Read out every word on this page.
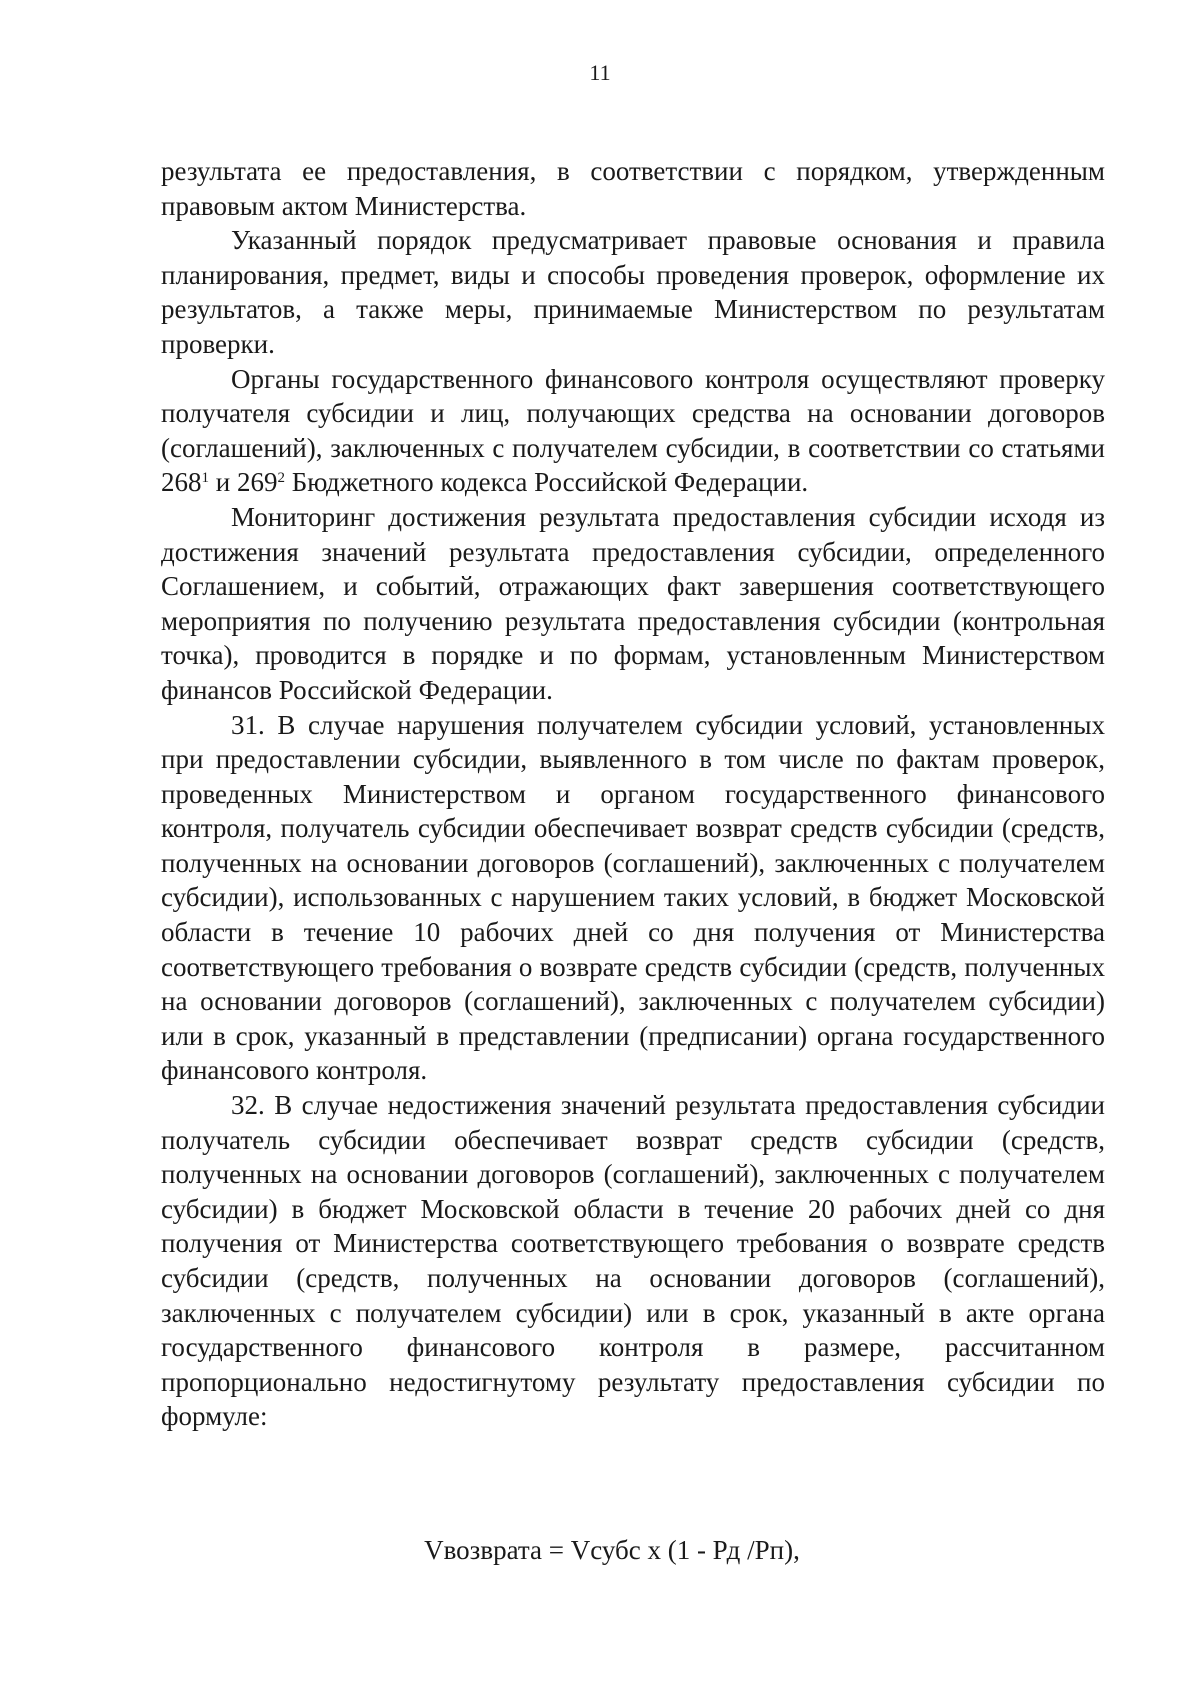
11

результата ее предоставления, в соответствии с порядком, утвержденным правовым актом Министерства.

Указанный порядок предусматривает правовые основания и правила планирования, предмет, виды и способы проведения проверок, оформление их результатов, а также меры, принимаемые Министерством по результатам проверки.

Органы государственного финансового контроля осуществляют проверку получателя субсидии и лиц, получающих средства на основании договоров (соглашений), заключенных с получателем субсидии, в соответствии со статьями $268^1$ и $269^2$ Бюджетного кодекса Российской Федерации.

Мониторинг достижения результата предоставления субсидии исходя из достижения значений результата предоставления субсидии, определенного Соглашением, и событий, отражающих факт завершения соответствующего мероприятия по получению результата предоставления субсидии (контрольная точка), проводится в порядке и по формам, установленным Министерством финансов Российской Федерации.

31. В случае нарушения получателем субсидии условий, установленных при предоставлении субсидии, выявленного в том числе по фактам проверок, проведенных Министерством и органом государственного финансового контроля, получатель субсидии обеспечивает возврат средств субсидии (средств, полученных на основании договоров (соглашений), заключенных с получателем субсидии), использованных с нарушением таких условий, в бюджет Московской области в течение 10 рабочих дней со дня получения от Министерства соответствующего требования о возврате средств субсидии (средств, полученных на основании договоров (соглашений), заключенных с получателем субсидии) или в срок, указанный в представлении (предписании) органа государственного финансового контроля.

32. В случае недостижения значений результата предоставления субсидии получатель субсидии обеспечивает возврат средств субсидии (средств, полученных на основании договоров (соглашений), заключенных с получателем субсидии) в бюджет Московской области в течение 20 рабочих дней со дня получения от Министерства соответствующего требования о возврате средств субсидии (средств, полученных на основании договоров (соглашений), заключенных с получателем субсидии) или в срок, указанный в акте органа государственного финансового контроля в размере, рассчитанном пропорционально недостигнутому результату предоставления субсидии по формуле:

Vвозврата = Vсубс x (1 - Рд /Рп),
